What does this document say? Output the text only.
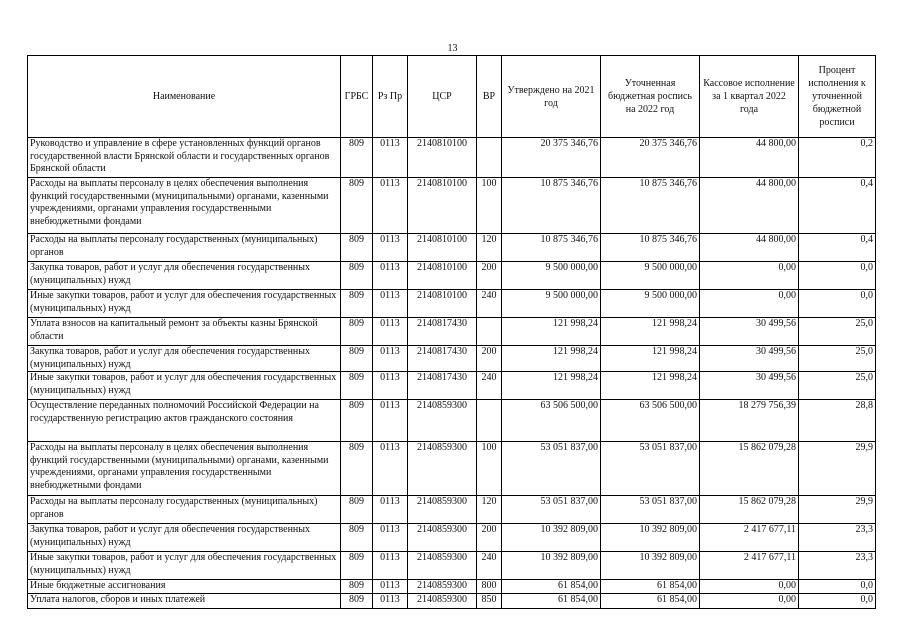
13
Наименование	ГРБС	Рз Пр	ЦСР	ВР	Утверждено на 2021 год	Уточненная бюджетная роспись на 2022 год	Кассовое исполнение за 1 квартал 2022 года	Процент исполнения к уточненной бюджетной росписи
Руководство и управление в сфере установленных функций органов государственной власти Брянской области и государственных органов Брянской области	809	0113	2140810100		20 375 346,76	20 375 346,76	44 800,00	0,2
Расходы на выплаты персоналу в целях обеспечения выполнения функций государственными (муниципальными) органами, казенными учреждениями, органами управления государственными внебюджетными фондами	809	0113	2140810100	100	10 875 346,76	10 875 346,76	44 800,00	0,4
Расходы на выплаты персоналу государственных (муниципальных) органов	809	0113	2140810100	120	10 875 346,76	10 875 346,76	44 800,00	0,4
Закупка товаров, работ и услуг для обеспечения государственных (муниципальных) нужд	809	0113	2140810100	200	9 500 000,00	9 500 000,00	0,00	0,0
Иные закупки товаров, работ и услуг для обеспечения государственных (муниципальных) нужд	809	0113	2140810100	240	9 500 000,00	9 500 000,00	0,00	0,0
Уплата взносов на капитальный ремонт за объекты казны Брянской области	809	0113	2140817430		121 998,24	121 998,24	30 499,56	25,0
Закупка товаров, работ и услуг для обеспечения государственных (муниципальных) нужд	809	0113	2140817430	200	121 998,24	121 998,24	30 499,56	25,0
Иные закупки товаров, работ и услуг для обеспечения государственных (муниципальных) нужд	809	0113	2140817430	240	121 998,24	121 998,24	30 499,56	25,0
Осуществление переданных полномочий Российской Федерации на государственную регистрацию актов гражданского состояния	809	0113	2140859300		63 506 500,00	63 506 500,00	18 279 756,39	28,8
Расходы на выплаты персоналу в целях обеспечения выполнения функций государственными (муниципальными) органами, казенными учреждениями, органами управления государственными внебюджетными фондами	809	0113	2140859300	100	53 051 837,00	53 051 837,00	15 862 079,28	29,9
Расходы на выплаты персоналу государственных (муниципальных) органов	809	0113	2140859300	120	53 051 837,00	53 051 837,00	15 862 079,28	29,9
Закупка товаров, работ и услуг для обеспечения государственных (муниципальных) нужд	809	0113	2140859300	200	10 392 809,00	10 392 809,00	2 417 677,11	23,3
Иные закупки товаров, работ и услуг для обеспечения государственных (муниципальных) нужд	809	0113	2140859300	240	10 392 809,00	10 392 809,00	2 417 677,11	23,3
Иные бюджетные ассигнования	809	0113	2140859300	800	61 854,00	61 854,00	0,00	0,0
Уплата налогов, сборов и иных платежей	809	0113	2140859300	850	61 854,00	61 854,00	0,00	0,0
